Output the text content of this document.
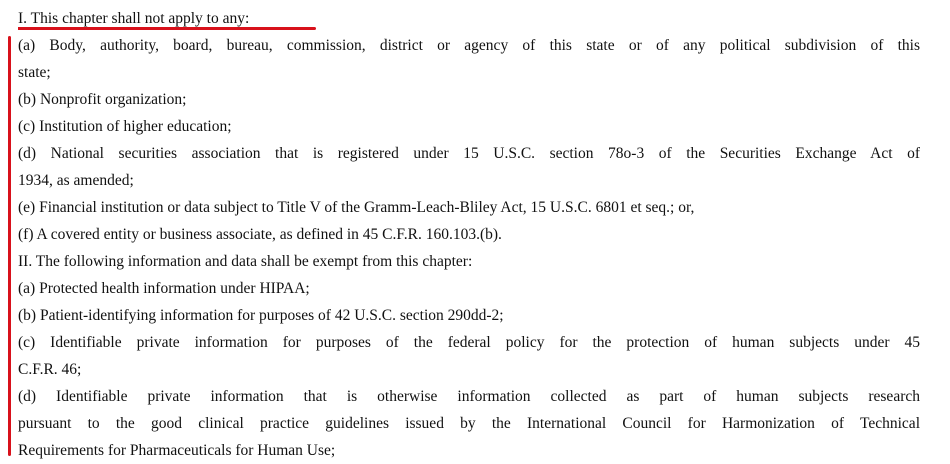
I. This chapter shall not apply to any:
(a) Body, authority, board, bureau, commission, district or agency of this state or of any political subdivision of this
state;
(b) Nonprofit organization;
(c) Institution of higher education;
(d) National securities association that is registered under 15 U.S.C. section 78o-3 of the Securities Exchange Act of
1934, as amended;
(e) Financial institution or data subject to Title V of the Gramm-Leach-Bliley Act, 15 U.S.C. 6801 et seq.; or,
(f) A covered entity or business associate, as defined in 45 C.F.R. 160.103.(b).
II. The following information and data shall be exempt from this chapter:
(a) Protected health information under HIPAA;
(b) Patient-identifying information for purposes of 42 U.S.C. section 290dd-2;
(c) Identifiable private information for purposes of the federal policy for the protection of human subjects under 45
C.F.R. 46;
(d) Identifiable private information that is otherwise information collected as part of human subjects research
pursuant to the good clinical practice guidelines issued by the International Council for Harmonization of Technical
Requirements for Pharmaceuticals for Human Use;
